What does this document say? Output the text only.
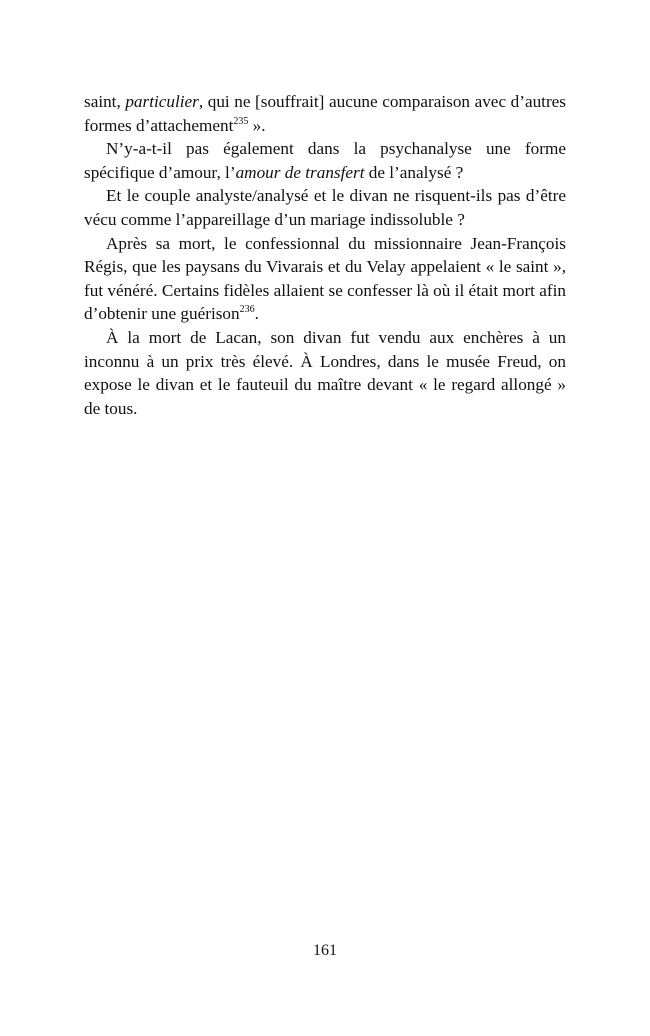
saint, particulier, qui ne [souffrait] aucune comparaison avec d’autres formes d’attachement$^{235}$ ».

N’y-a-t-il pas également dans la psychanalyse une forme spécifique d’amour, l’amour de transfert de l’analysé ?

Et le couple analyste/analysé et le divan ne risquent-ils pas d’être vécu comme l’appareillage d’un mariage indissoluble ?

Après sa mort, le confessionnal du missionnaire Jean-François Régis, que les paysans du Vivarais et du Velay appelaient « le saint », fut vénéré. Certains fidèles allaient se confesser là où il était mort afin d’obtenir une guérison$^{236}$.

À la mort de Lacan, son divan fut vendu aux enchères à un inconnu à un prix très élevé. À Londres, dans le musée Freud, on expose le divan et le fauteuil du maître devant « le regard allongé » de tous.

161
